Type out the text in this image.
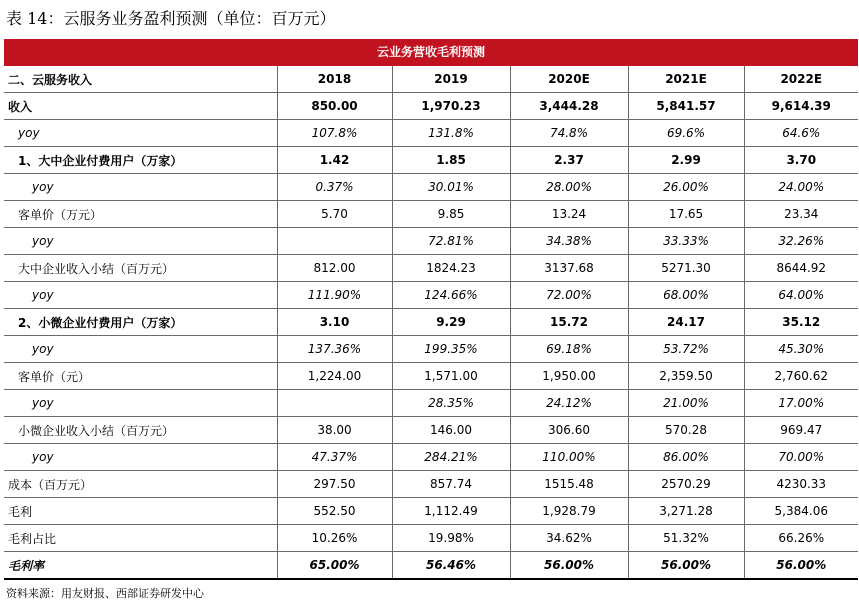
表 14：云服务业务盈利预测（单位：百万元）
云业务营收毛利预测
二、云服务收入	2018	2019	2020E	2021E	2022E
收入	850.00	1,970.23	3,444.28	5,841.57	9,614.39
yoy	107.8%	131.8%	74.8%	69.6%	64.6%
1、大中企业付费用户（万家）	1.42	1.85	2.37	2.99	3.70
yoy	0.37%	30.01%	28.00%	26.00%	24.00%
客单价（万元）	5.70	9.85	13.24	17.65	23.34
yoy		72.81%	34.38%	33.33%	32.26%
大中企业收入小结（百万元）	812.00	1824.23	3137.68	5271.30	8644.92
yoy	111.90%	124.66%	72.00%	68.00%	64.00%
2、小微企业付费用户（万家）	3.10	9.29	15.72	24.17	35.12
yoy	137.36%	199.35%	69.18%	53.72%	45.30%
客单价（元）	1,224.00	1,571.00	1,950.00	2,359.50	2,760.62
yoy		28.35%	24.12%	21.00%	17.00%
小微企业收入小结（百万元）	38.00	146.00	306.60	570.28	969.47
yoy	47.37%	284.21%	110.00%	86.00%	70.00%
成本（百万元）	297.50	857.74	1515.48	2570.29	4230.33
毛利	552.50	1,112.49	1,928.79	3,271.28	5,384.06
毛利占比	10.26%	19.98%	34.62%	51.32%	66.26%
毛利率	65.00%	56.46%	56.00%	56.00%	56.00%
资料来源：用友财报、西部证券研发中心
